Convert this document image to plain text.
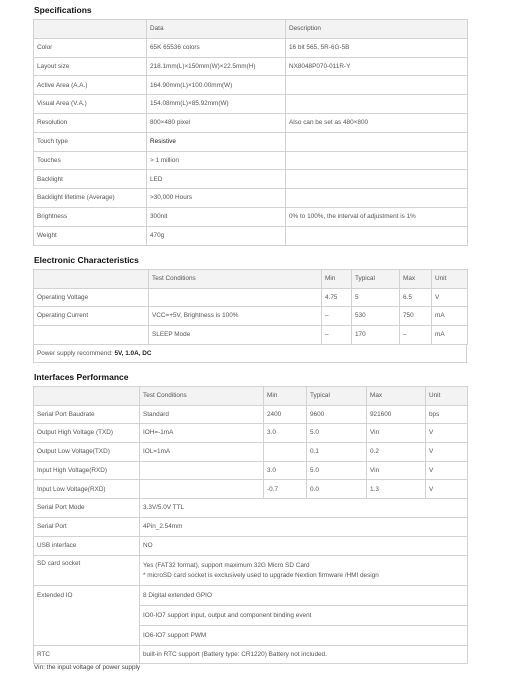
Specifications
	Data	Description
Color	65K 65536 colors	16 bit 565, 5R-6G-5B
Layout size	218.1mm(L)×150mm(W)×22.5mm(H)	NX8048P070-011R-Y
Active Area (A.A.)	164.90mm(L)×100.00mm(W)	
Visual Area (V.A.)	154.08mm(L)×85.92mm(W)	
Resolution	800×480 pixel	Also can be set as 480×800
Touch type	Resistive	
Touches	> 1 million	
Backlight	LED	
Backlight lifetime (Average)	>30,000 Hours	
Brightness	300nit	0% to 100%, the interval of adjustment is 1%
Weight	470g	
Electronic Characteristics
	Test Conditions	Min	Typical	Max	Unit
Operating Voltage		4.75	5	6.5	V
Operating Current	VCC=+5V, Brightness is 100%	–	530	750	mA
	SLEEP Mode	–	170	–	mA
Power supply recommend: 5V, 1.0A, DC
Interfaces Performance
	Test Conditions	Min	Typical	Max	Unit
Serial Port Baudrate	Standard	2400	9600	921600	bps
Output High Voltage (TXD)	IOH=-1mA	3.0	5.0	Vin	V
Output Low Voltage(TXD)	IOL=1mA		0.1	0.2	V
Input High Voltage(RXD)		3.0	5.0	Vin	V
Input Low Voltage(RXD)		-0.7	0.0	1.3	V
Serial Port Mode	3.3V/5.0V TTL
Serial Port	4Pin_2.54mm
USB interface	NO
SD card socket	Yes (FAT32 format), support maximum 32G Micro SD Card
* microSD card socket is exclusively used to upgrade Nextion firmware /HMI design

Extended IO	8 Digital extended GPIO
	IO0-IO7 support input, output and component binding event
	IO6-IO7 support PWM
RTC	built-in RTC support (Battery type: CR1220) Battery not included.
Vin: the input voltage of power supply
